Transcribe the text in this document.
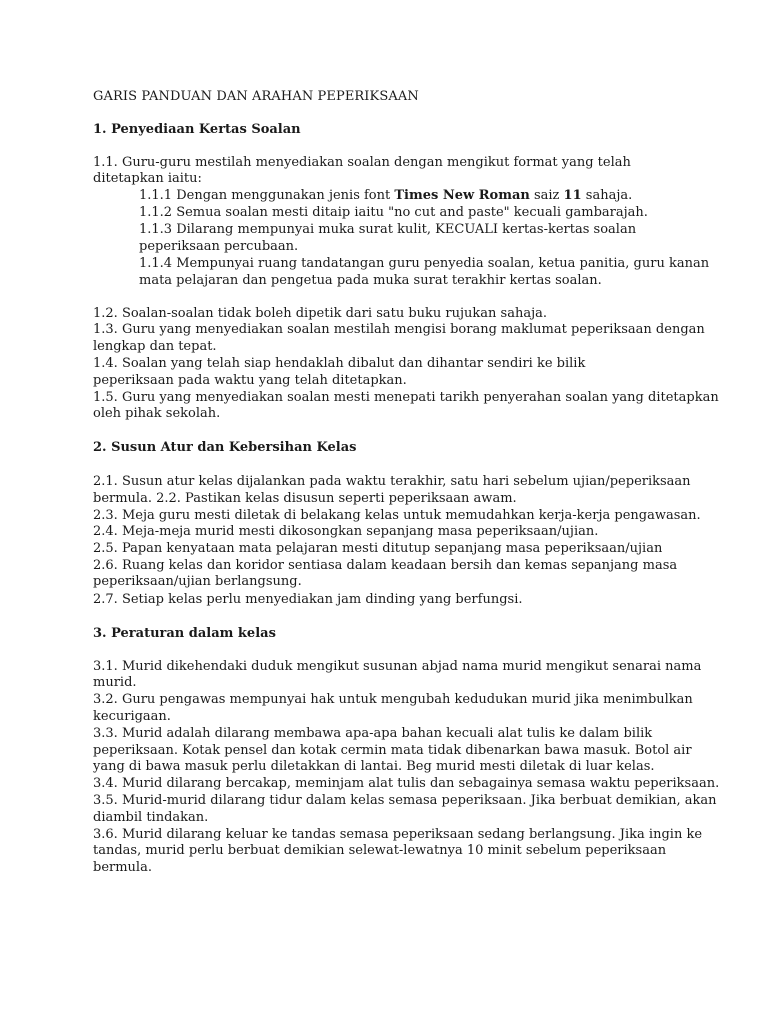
GARIS PANDUAN DAN ARAHAN PEPERIKSAAN
1. Penyediaan Kertas Soalan
1.1. Guru-guru mestilah menyediakan soalan dengan mengikut format yang telah
ditetapkan iaitu:
1.1.1 Dengan menggunakan jenis font Times New Roman saiz 11 sahaja.
1.1.2 Semua soalan mesti ditaip iaitu "no cut and paste" kecuali gambarajah.
1.1.3 Dilarang mempunyai muka surat kulit, KECUALI kertas-kertas soalan
peperiksaan percubaan.
1.1.4 Mempunyai ruang tandatangan guru penyedia soalan, ketua panitia, guru kanan
mata pelajaran dan pengetua pada muka surat terakhir kertas soalan.
1.2. Soalan-soalan tidak boleh dipetik dari satu buku rujukan sahaja.
1.3. Guru yang menyediakan soalan mestilah mengisi borang maklumat peperiksaan dengan
lengkap dan tepat.
1.4. Soalan yang telah siap hendaklah dibalut dan dihantar sendiri ke bilik
peperiksaan pada waktu yang telah ditetapkan.
1.5. Guru yang menyediakan soalan mesti menepati tarikh penyerahan soalan yang ditetapkan
oleh pihak sekolah.
2. Susun Atur dan Kebersihan Kelas
2.1. Susun atur kelas dijalankan pada waktu terakhir, satu hari sebelum ujian/peperiksaan
bermula. 2.2. Pastikan kelas disusun seperti peperiksaan awam.
2.3. Meja guru mesti diletak di belakang kelas untuk memudahkan kerja-kerja pengawasan.
2.4. Meja-meja murid mesti dikosongkan sepanjang masa peperiksaan/ujian.
2.5. Papan kenyataan mata pelajaran mesti ditutup sepanjang masa peperiksaan/ujian
2.6. Ruang kelas dan koridor sentiasa dalam keadaan bersih dan kemas sepanjang masa
peperiksaan/ujian berlangsung.
2.7. Setiap kelas perlu menyediakan jam dinding yang berfungsi.
3. Peraturan dalam kelas
3.1. Murid dikehendaki duduk mengikut susunan abjad nama murid mengikut senarai nama
murid.
3.2. Guru pengawas mempunyai hak untuk mengubah kedudukan murid jika menimbulkan
kecurigaan.
3.3. Murid adalah dilarang membawa apa-apa bahan kecuali alat tulis ke dalam bilik
peperiksaan. Kotak pensel dan kotak cermin mata tidak dibenarkan bawa masuk. Botol air
yang di bawa masuk perlu diletakkan di lantai. Beg murid mesti diletak di luar kelas.
3.4. Murid dilarang bercakap, meminjam alat tulis dan sebagainya semasa waktu peperiksaan.
3.5. Murid-murid dilarang tidur dalam kelas semasa peperiksaan. Jika berbuat demikian, akan
diambil tindakan.
3.6. Murid dilarang keluar ke tandas semasa peperiksaan sedang berlangsung. Jika ingin ke
tandas, murid perlu berbuat demikian selewat-lewatnya 10 minit sebelum peperiksaan
bermula.
